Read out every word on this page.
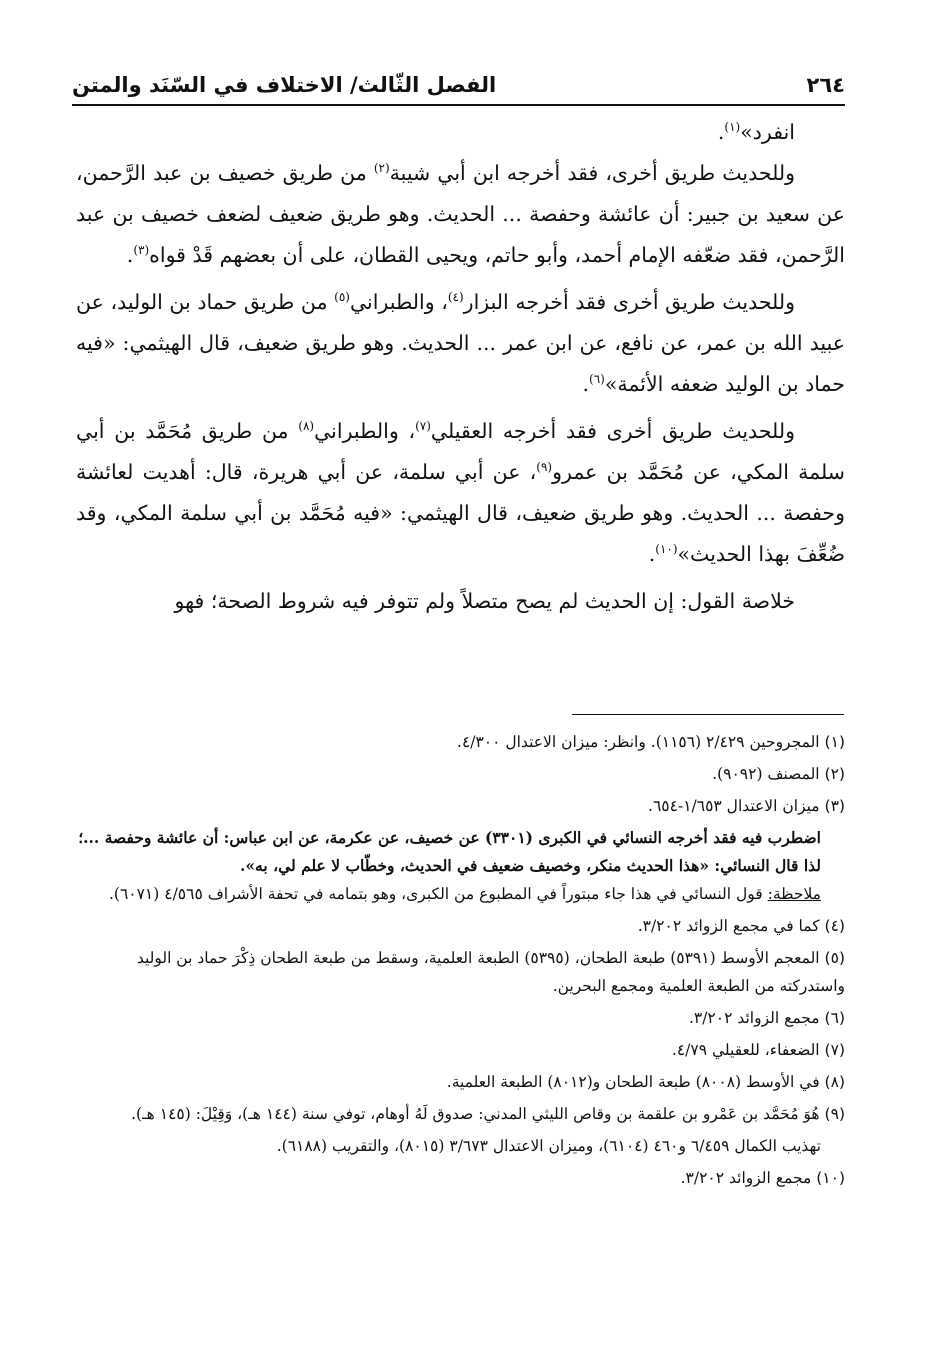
٢٦٤
الفصل الثّالث/ الاختلاف في السّنَد والمتن

انفرد»$^{(١)}$.

وللحديث طريق أخرى، فقد أخرجه ابن أبي شيبة$^{(٢)}$ من طريق خصيف بن عبد الرَّحمن، عن سعيد بن جبير: أن عائشة وحفصة ... الحديث. وهو طريق ضعيف لضعف خصيف بن عبد الرَّحمن، فقد ضعّفه الإمام أحمد، وأبو حاتم، ويحيى القطان، على أن بعضهم قَدْ قواه$^{(٣)}$.

وللحديث طريق أخرى فقد أخرجه البزار$^{(٤)}$، والطبراني$^{(٥)}$ من طريق حماد بن الوليد، عن عبيد الله بن عمر، عن نافع، عن ابن عمر ... الحديث. وهو طريق ضعيف، قال الهيثمي: «فيه حماد بن الوليد ضعفه الأئمة»$^{(٦)}$.

وللحديث طريق أخرى فقد أخرجه العقيلي$^{(٧)}$، والطبراني$^{(٨)}$ من طريق مُحَمَّد بن أبي سلمة المكي، عن مُحَمَّد بن عمرو$^{(٩)}$، عن أبي سلمة، عن أبي هريرة، قال: أهديت لعائشة وحفصة ... الحديث. وهو طريق ضعيف، قال الهيثمي: «فيه مُحَمَّد بن أبي سلمة المكي، وقد ضُعِّفَ بهذا الحديث»$^{(١٠)}$.

خلاصة القول: إن الحديث لم يصح متصلاً ولم تتوفر فيه شروط الصحة؛ فهو

(١) المجروحين ٢/٤٢٩ (١١٥٦). وانظر: ميزان الاعتدال ٤/٣٠٠.

(٢) المصنف (٩٠٩٢).

(٣) ميزان الاعتدال ١/٦٥٣-٦٥٤.

اضطرب فيه فقد أخرجه النسائي في الكبرى (٣٣٠١) عن خصيف، عن عكرمة، عن ابن عباس: أن عائشة وحفصة ...؛ لذا قال النسائي: «هذا الحديث منكر، وخصيف ضعيف في الحديث، وخطّاب لا علم لي، به».

ملاحظة: قول النسائي في هذا جاء مبتوراً في المطبوع من الكبرى، وهو بتمامه في تحفة الأشراف ٤/٥٦٥ (٦٠٧١).

(٤) كما في مجمع الزوائد ٣/٢٠٢.

(٥) المعجم الأوسط (٥٣٩١) طبعة الطحان، (٥٣٩٥) الطبعة العلمية، وسقط من طبعة الطحان ذِكْرَ حماد بن الوليد واستدركته من الطبعة العلمية ومجمع البحرين.

(٦) مجمع الزوائد ٣/٢٠٢.

(٧) الضعفاء، للعقيلي ٤/٧٩.

(٨) في الأوسط (٨٠٠٨) طبعة الطحان و(٨٠١٢) الطبعة العلمية.

(٩) هُوَ مُحَمَّد بن عَمْرو بن علقمة بن وقاص الليثي المدني: صدوق لَهُ أوهام، توفي سنة (١٤٤ هـ)، وَقِيْلَ: (١٤٥ هـ).

تهذيب الكمال ٦/٤٥٩ و٤٦٠ (٦١٠٤)، وميزان الاعتدال ٣/٦٧٣ (٨٠١٥)، والتقريب (٦١٨٨).

(١٠) مجمع الزوائد ٣/٢٠٢.
